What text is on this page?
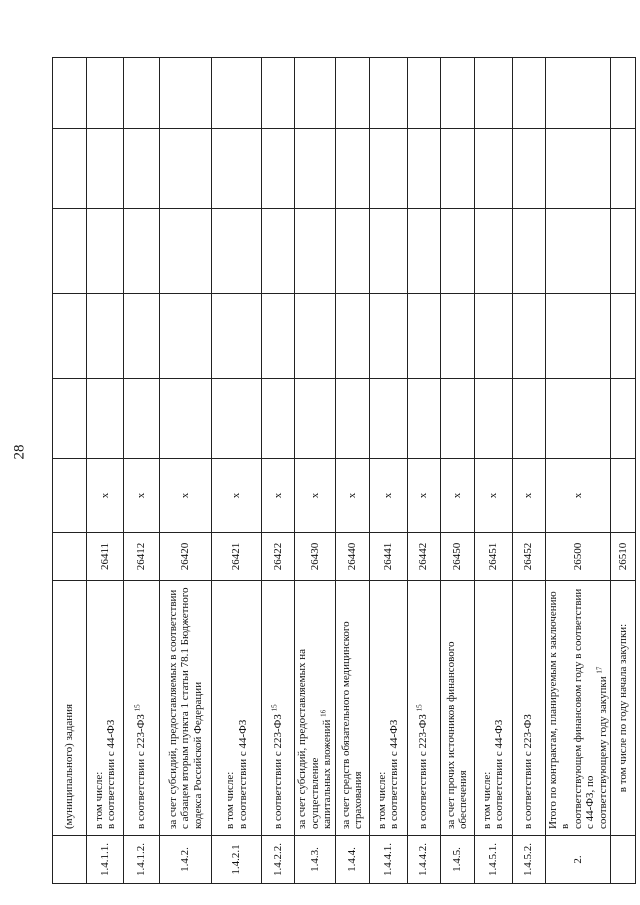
28

	(муниципального) задания							

1.4.1.1.	в том числе: в соответствии с 44-ФЗ	26411	x					
1.4.1.2.	в соответствии с 223-ФЗ $^{15}$	26412	x					
1.4.2.	за счет субсидий, предоставляемых в соответствии с абзацем вторым пункта 1 статьи 78.1 Бюджетного кодекса Российской Федерации	26420	x					
1.4.2.1	в том числе: в соответствии с 44-ФЗ	26421	x					
1.4.2.2.	в соответствии с 223-ФЗ $^{15}$	26422	x					
1.4.3.	за счет субсидий, предоставляемых на осуществление капитальных вложений $^{16}$	26430	x					
1.4.4.	за счет средств обязательного медицинского страхования	26440	x					
1.4.4.1.	в том числе: в соответствии с 44-ФЗ	26441	x					
1.4.4.2.	в соответствии с 223-ФЗ $^{15}$	26442	x					
1.4.5.	за счет прочих источников финансового обеспечения	26450	x					
1.4.5.1.	в том числе: в соответствии с 44-ФЗ	26451	x					
1.4.5.2.	в соответствии с 223-ФЗ	26452	x					
2.	Итого по контрактам, планируемым к заключению в соответствующем финансовом году в соответствии с 44-ФЗ, по соответствующему году закупки $^{17}$	26500	x					

	в том числе по году начала закупки:	26510						
